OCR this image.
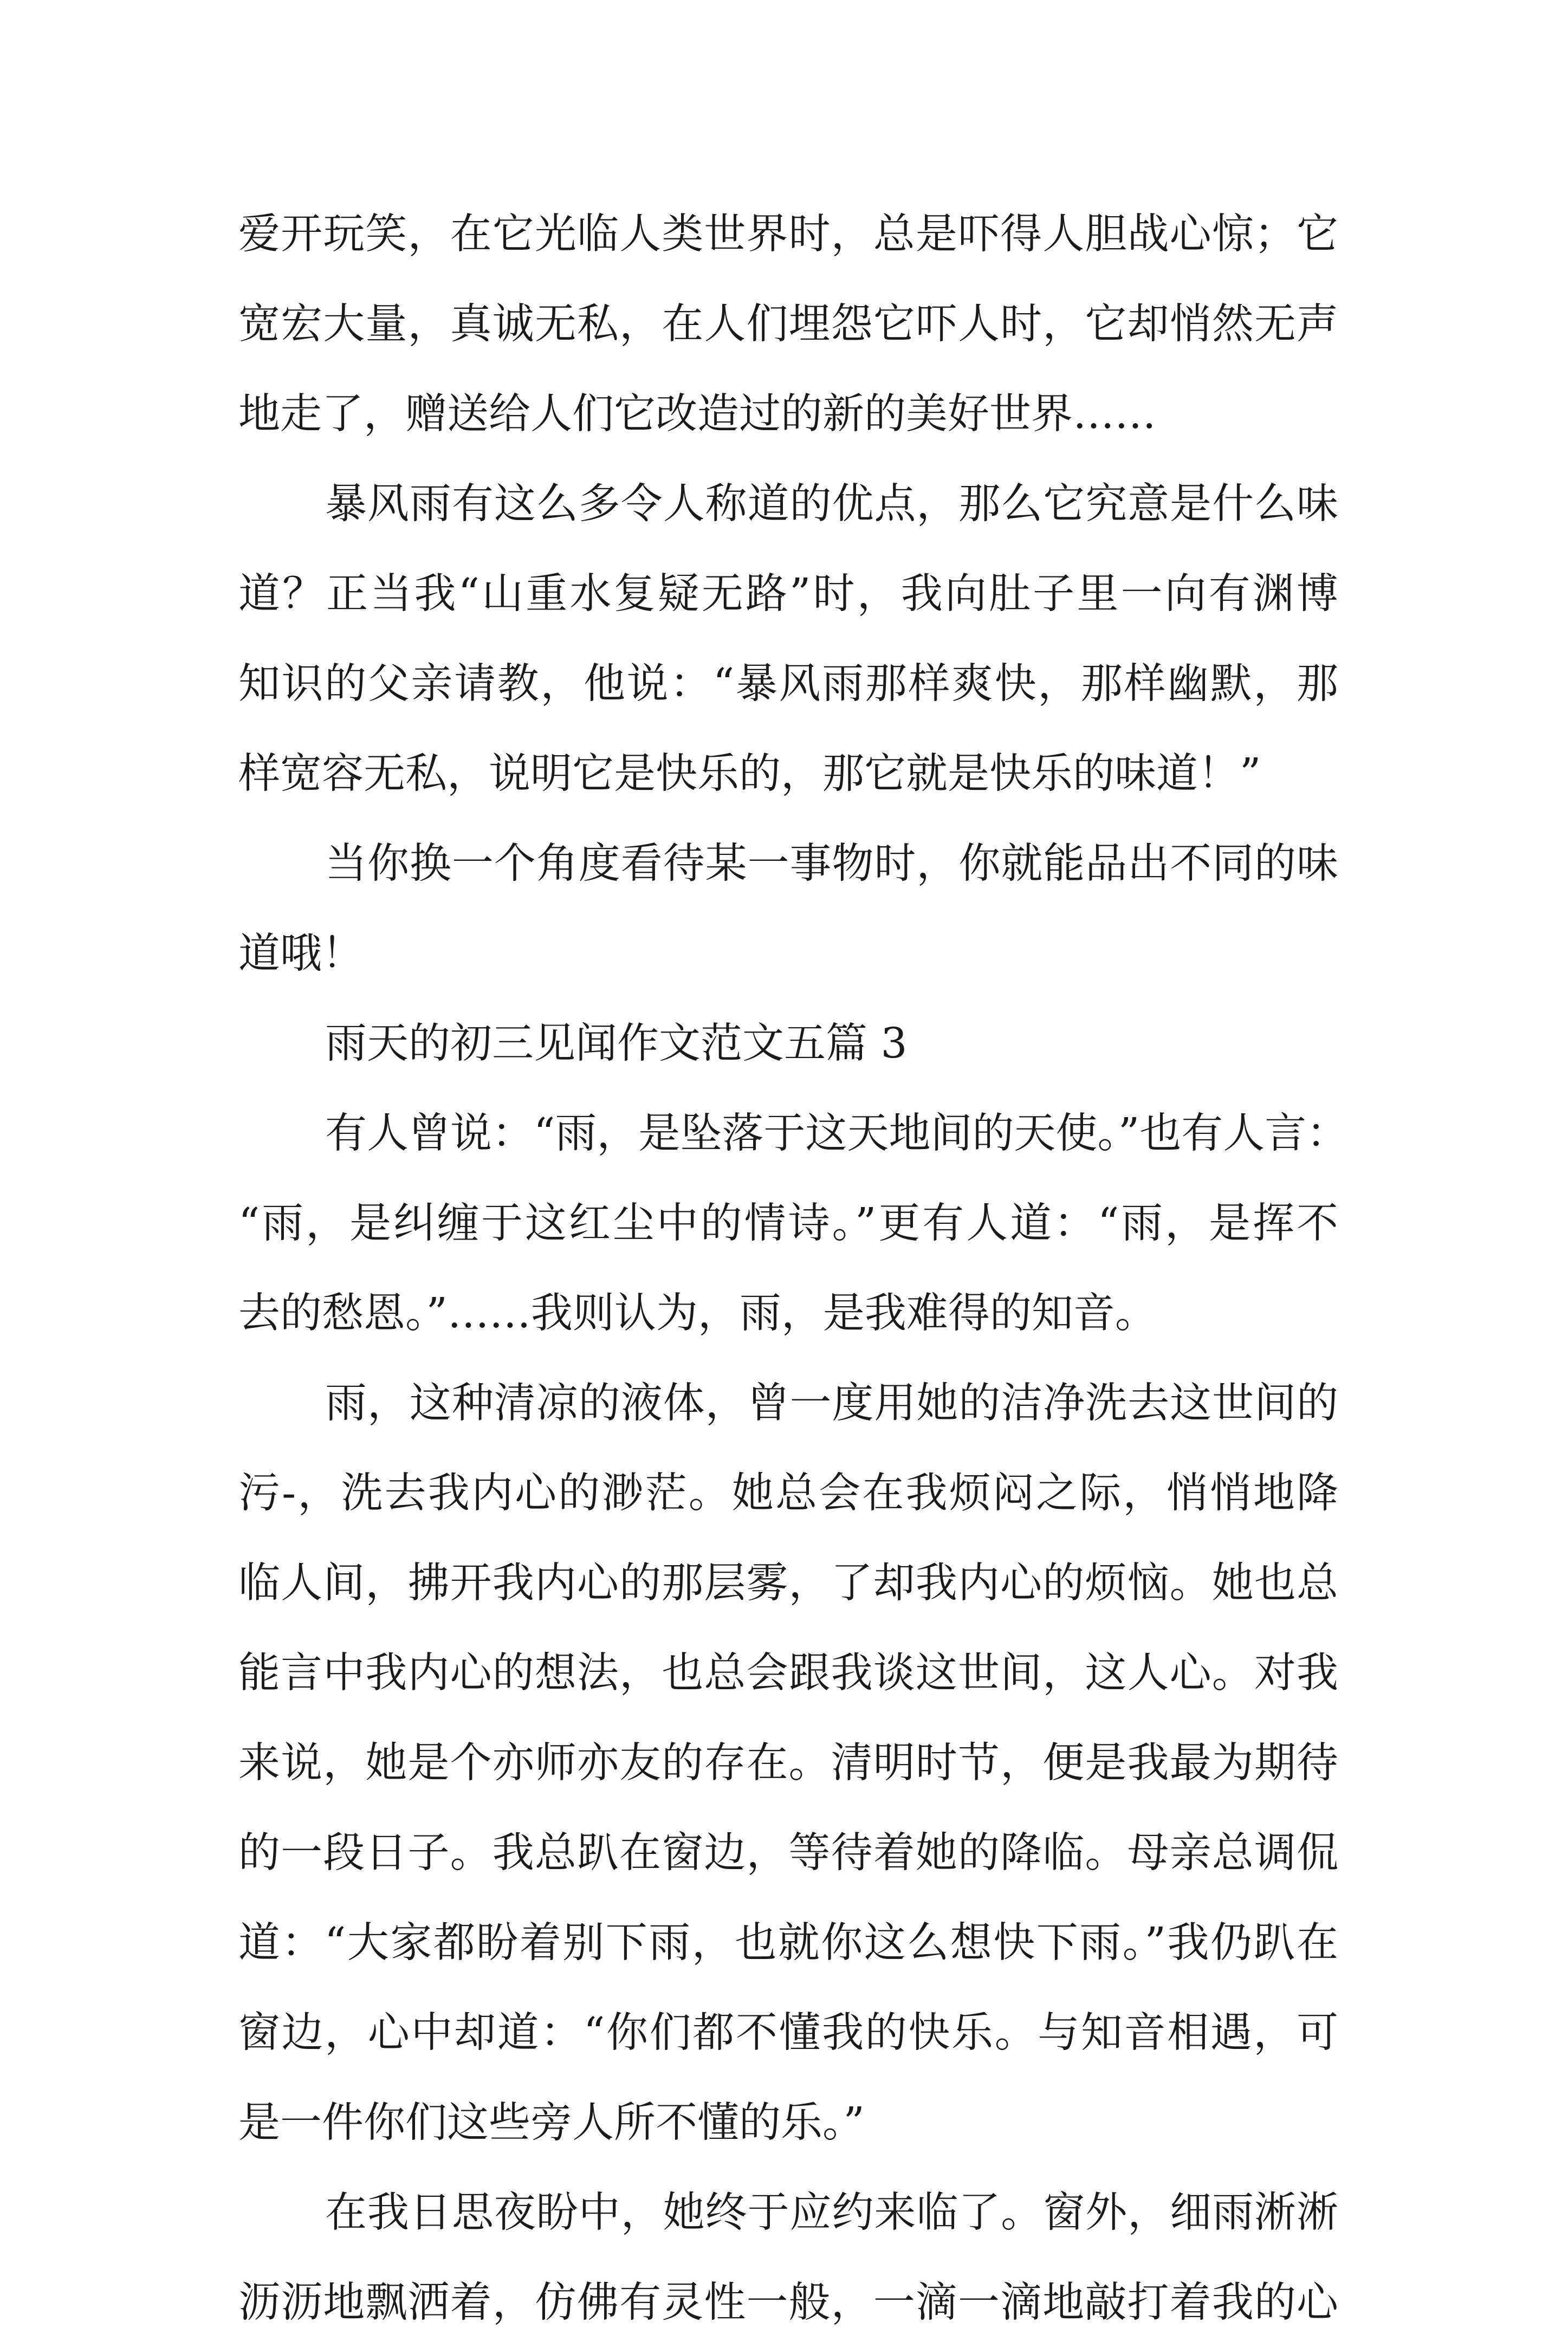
爱开玩笑，在它光临人类世界时，总是吓得人胆战心惊；它
宽宏大量，真诚无私，在人们埋怨它吓人时，它却悄然无声
地走了，赠送给人们它改造过的新的美好世界……

暴风雨有这么多令人称道的优点，那么它究意是什么味
道？正当我“山重水复疑无路”时，我向肚子里一向有渊博
知识的父亲请教，他说：“暴风雨那样爽快，那样幽默，那
样宽容无私，说明它是快乐的，那它就是快乐的味道！”

当你换一个角度看待某一事物时，你就能品出不同的味
道哦！

雨天的初三见闻作文范文五篇 3

有人曾说：“雨，是坠落于这天地间的天使。”也有人言：
“雨，是纠缠于这红尘中的情诗。”更有人道：“雨，是挥不
去的愁恩。”……我则认为，雨，是我难得的知音。

雨，这种清凉的液体，曾一度用她的洁净洗去这世间的
污-，洗去我内心的渺茫。她总会在我烦闷之际，悄悄地降
临人间，拂开我内心的那层雾，了却我内心的烦恼。她也总
能言中我内心的想法，也总会跟我谈这世间，这人心。对我
来说，她是个亦师亦友的存在。清明时节，便是我最为期待
的一段日子。我总趴在窗边，等待着她的降临。母亲总调侃
道：“大家都盼着别下雨，也就你这么想快下雨。”我仍趴在
窗边，心中却道：“你们都不懂我的快乐。与知音相遇，可
是一件你们这些旁人所不懂的乐。”

在我日思夜盼中，她终于应约来临了。窗外，细雨淅淅
沥沥地飘洒着，仿佛有灵性一般，一滴一滴地敲打着我的心
